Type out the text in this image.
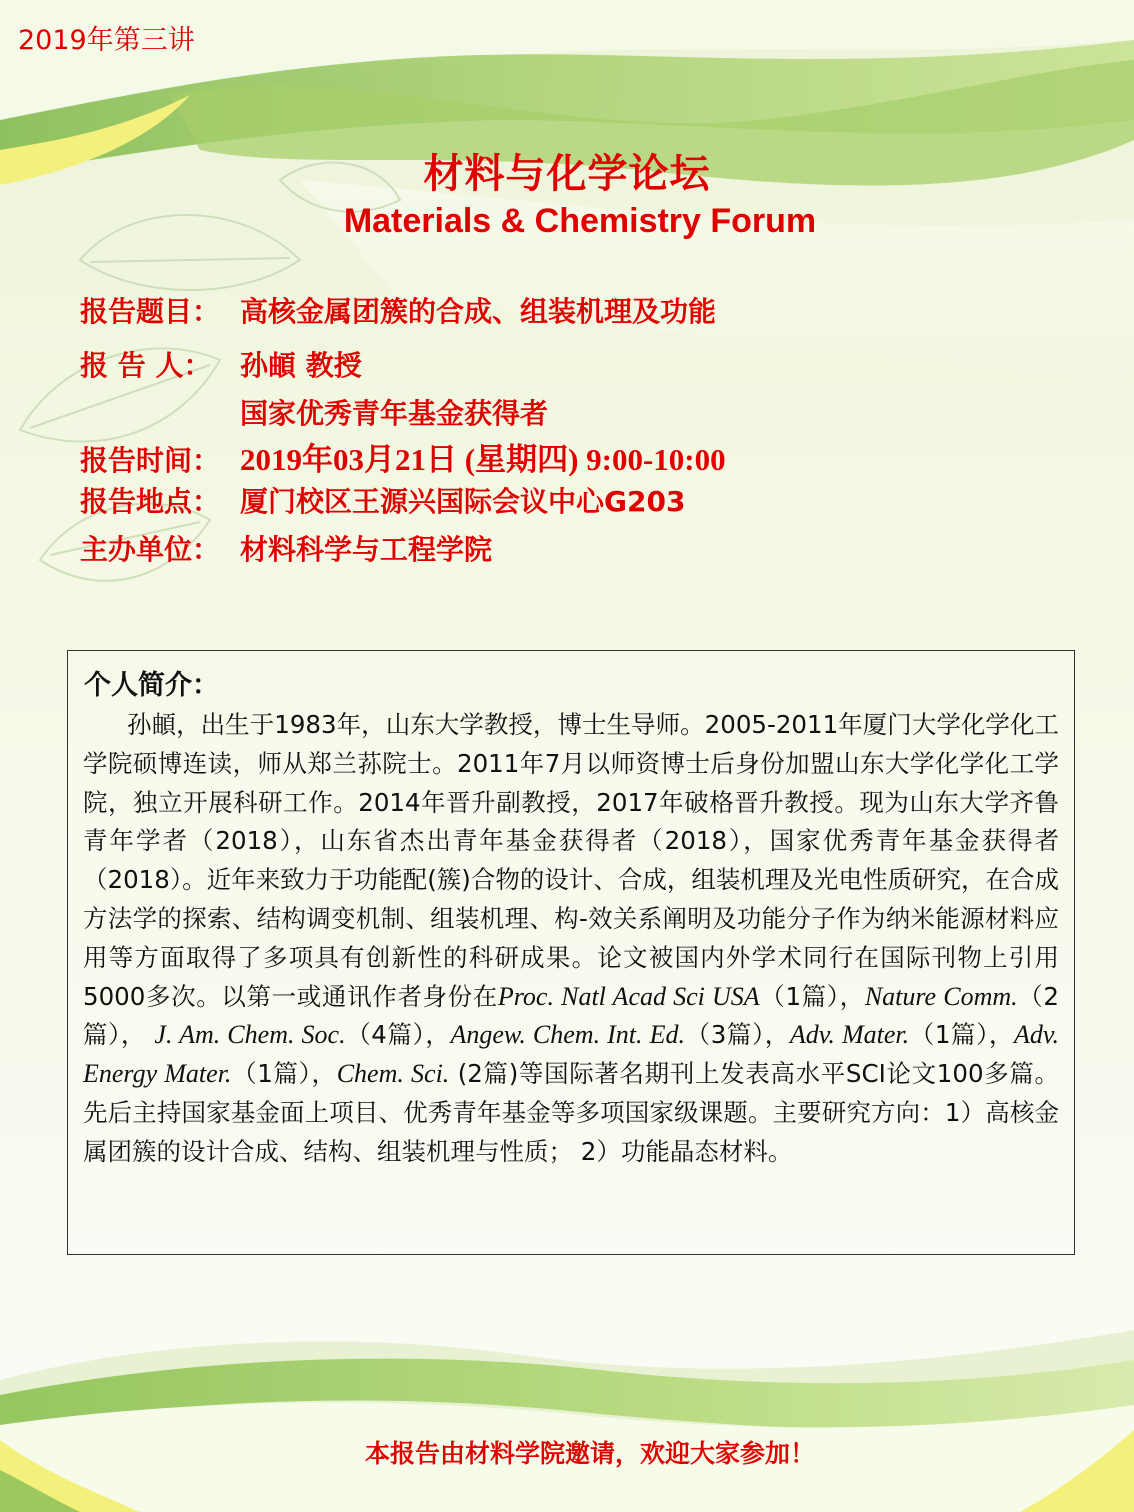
2019年第三讲
材料与化学论坛
Materials & Chemistry Forum
报告题目： 高核金属团簇的合成、组装机理及功能
报 告 人： 孙頔 教授
国家优秀青年基金获得者
报告时间： 2019年03月21日 (星期四) 9:00-10:00
报告地点： 厦门校区王源兴国际会议中心G203
主办单位： 材料科学与工程学院
个人简介：
孙頔，出生于1983年，山东大学教授，博士生导师。2005-2011年厦门大学化学化工学院硕博连读，师从郑兰荪院士。2011年7月以师资博士后身份加盟山东大学化学化工学院，独立开展科研工作。2014年晋升副教授，2017年破格晋升教授。现为山东大学齐鲁青年学者（2018），山东省杰出青年基金获得者（2018），国家优秀青年基金获得者（2018）。近年来致力于功能配(簇)合物的设计、合成，组装机理及光电性质研究，在合成方法学的探索、结构调变机制、组装机理、构-效关系阐明及功能分子作为纳米能源材料应用等方面取得了多项具有创新性的科研成果。论文被国内外学术同行在国际刊物上引用5000多次。以第一或通讯作者身份在Proc. Natl Acad Sci USA（1篇），Nature Comm.（2篇）， J. Am. Chem. Soc.（4篇），Angew. Chem. Int. Ed.（3篇），Adv. Mater.（1篇），Adv. Energy Mater.（1篇），Chem. Sci. (2篇)等国际著名期刊上发表高水平SCI论文100多篇。先后主持国家基金面上项目、优秀青年基金等多项国家级课题。主要研究方向：1）高核金属团簇的设计合成、结构、组装机理与性质； 2）功能晶态材料。
本报告由材料学院邀请，欢迎大家参加！
